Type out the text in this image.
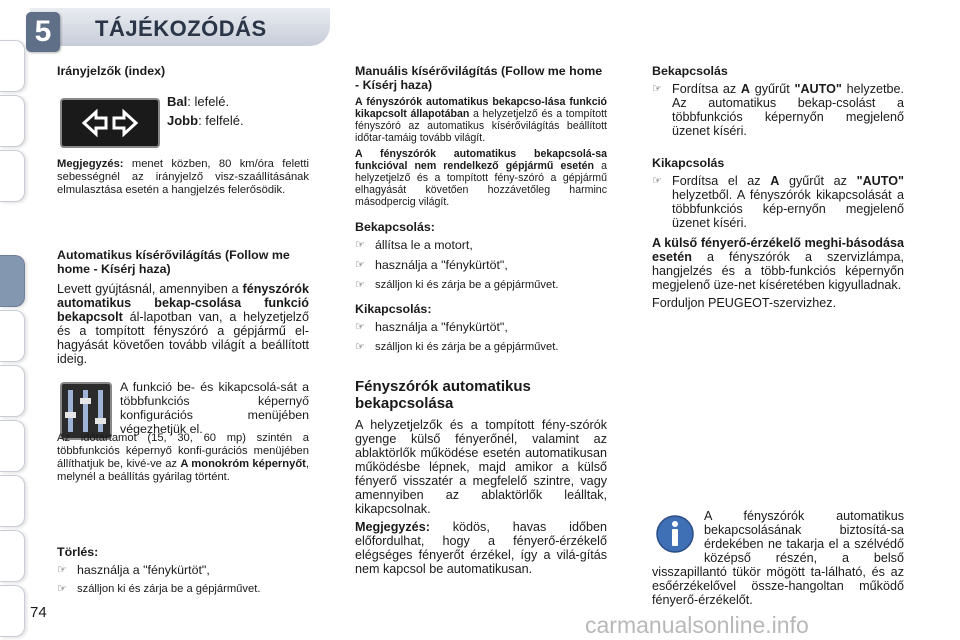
5	TÁJÉKOZÓDÁS
Irányjelzők (index)
Bal: lefelé.
Jobb: felfelé.

Megjegyzés: menet közben, 80 km/óra feletti sebességnél az irányjelző visz-szaállításának elmulasztása esetén a hangjelzés felerősödik.

Automatikus kísérővilágítás (Follow me home - Kísérj haza)

Levett gyújtásnál, amennyiben a fényszórók automatikus bekap-csolása funkció bekapcsolt ál-lapotban van, a helyzetjelző és a tompított fényszóró a gépjármű el-hagyását követően tovább világít a beállított ideig.

A funkció be- és kikapcsolá-sát a többfunkciós képernyő konfigurációs menüjében végezhetjük el.

Az időtartamot (15, 30, 60 mp) szintén a többfunkciós képernyő konfi-gurációs menüjében állíthatjuk be, kivé-ve az A monokróm képernyőt, melynél a beállítás gyárilag történt.

Törlés:
☞ használja a "fénykürtöt",
☞ szálljon ki és zárja be a gépjárművet.
Manuális kísérővilágítás (Follow me home - Kísérj haza)

A fényszórók automatikus bekapcso-lása funkció kikapcsolt állapotában a helyzetjelző és a tompított fényszóró az automatikus kísérővilágítás beállított időtar-tamáig tovább világít.

A fényszórók automatikus bekapcsolá-sa funkcióval nem rendelkező gépjármű esetén a helyzetjelző és a tompított fény-szóró a gépjármű elhagyását követően hozzávetőleg harminc másodpercig világít.

Bekapcsolás:
☞ állítsa le a motort,
☞ használja a "fénykürtöt",
☞ szálljon ki és zárja be a gépjárművet.
Kikapcsolás:
☞ használja a "fénykürtöt",
☞ szálljon ki és zárja be a gépjárművet.
Fényszórók automatikus bekapcsolása

A helyzetjelzők és a tompított fény-szórók gyenge külső fényerőnél, valamint az ablaktörlők működése esetén automatikusan működésbe lépnek, majd amikor a külső fényerő visszatér a megfelelő szintre, vagy amennyiben az ablaktörlők leálltak, kikapcsolnak.

Megjegyzés: ködös, havas időben előfordulhat, hogy a fényerő-érzékelő elégséges fényerőt érzékel, így a vilá-gítás nem kapcsol be automatikusan.

Bekapcsolás
☞ Fordítsa az A gyűrűt "AUTO" helyzetbe. Az automatikus bekap-csolást a többfunkciós képernyőn megjelenő üzenet kíséri.
Kikapcsolás
☞ Fordítsa el az A gyűrűt az "AUTO" helyzetből. A fényszórók kikapcsolását a többfunkciós kép-ernyőn megjelenő üzenet kíséri.

A külső fényerő-érzékelő meghi-básodása esetén a fényszórók a szervizlámpa, hangjelzés és a több-funkciós képernyőn megjelenő üze-net kíséretében kigyulladnak.

Forduljon PEUGEOT-szervizhez.

A fényszórók automatikus bekapcsolásának biztosítá-sa érdekében ne takarja el a szélvédő középső részén, a belső visszapillantó tükör mögött ta-lálható, és az esőérzékelővel össze-hangoltan működő fényerő-érzékelőt.

74	carmanualsonline.info
